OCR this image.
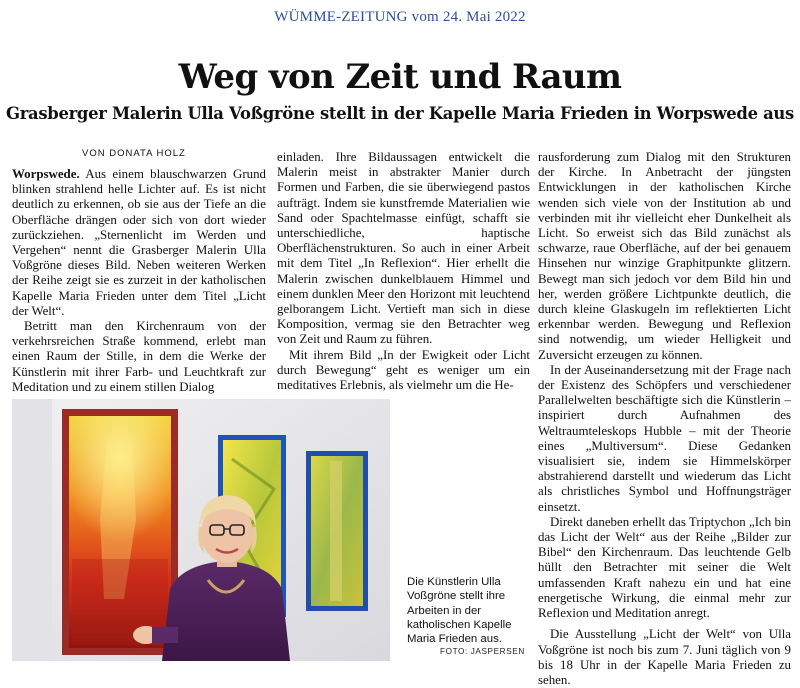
WÜMME-ZEITUNG vom 24. Mai 2022
Weg von Zeit und Raum
Grasberger Malerin Ulla Voßgröne stellt in der Kapelle Maria Frieden in Worpswede aus
VON DONATA HOLZ

Worpswede. Aus einem blauschwarzen Grund blinken strahlend helle Lichter auf. Es ist nicht deutlich zu erkennen, ob sie aus der Tiefe an die Oberfläche drängen oder sich von dort wieder zurückziehen. „Sternenlicht im Werden und Vergehen“ nennt die Grasberger Malerin Ulla Voßgröne dieses Bild. Neben weiteren Werken der Reihe zeigt sie es zurzeit in der katholischen Kapelle Maria Frieden unter dem Titel „Licht der Welt“.

Betritt man den Kirchenraum von der verkehrsreichen Straße kommend, erlebt man einen Raum der Stille, in dem die Werke der Künstlerin mit ihrer Farb- und Leuchtkraft zur Meditation und zu einem stillen Dialog

einladen. Ihre Bildaussagen entwickelt die Malerin meist in abstrakter Manier durch Formen und Farben, die sie überwiegend pastos aufträgt. Indem sie kunstfremde Materialien wie Sand oder Spachtelmasse einfügt, schafft sie unterschiedliche, haptische Oberflächenstrukturen. So auch in einer Arbeit mit dem Titel „In Reflexion“. Hier erhellt die Malerin zwischen dunkelblauem Himmel und einem dunklen Meer den Horizont mit leuchtend gelborangem Licht. Vertieft man sich in diese Komposition, vermag sie den Betrachter weg von Zeit und Raum zu führen.

Mit ihrem Bild „In der Ewigkeit oder Licht durch Bewegung“ geht es weniger um ein meditatives Erlebnis, als vielmehr um die He-

rausforderung zum Dialog mit den Strukturen der Kirche. In Anbetracht der jüngsten Entwicklungen in der katholischen Kirche wenden sich viele von der Institution ab und verbinden mit ihr vielleicht eher Dunkelheit als Licht. So erweist sich das Bild zunächst als schwarze, raue Oberfläche, auf der bei genauem Hinsehen nur winzige Graphitpunkte glitzern. Bewegt man sich jedoch vor dem Bild hin und her, werden größere Lichtpunkte deutlich, die durch kleine Glaskugeln im reflektierten Licht erkennbar werden. Bewegung und Reflexion sind notwendig, um wieder Helligkeit und Zuversicht erzeugen zu können.

In der Auseinandersetzung mit der Frage nach der Existenz des Schöpfers und verschiedener Parallelwelten beschäftigte sich die Künstlerin – inspiriert durch Aufnahmen des Weltraumteleskops Hubble – mit der Theorie eines „Multiversum“. Diese Gedanken visualisiert sie, indem sie Himmelskörper abstrahierend darstellt und wiederum das Licht als christliches Symbol und Hoffnungsträger einsetzt.

Direkt daneben erhellt das Triptychon „Ich bin das Licht der Welt“ aus der Reihe „Bilder zur Bibel“ den Kirchenraum. Das leuchtende Gelb hüllt den Betrachter mit seiner die Welt umfassenden Kraft nahezu ein und hat eine energetische Wirkung, die einmal mehr zur Reflexion und Meditation anregt.

Die Ausstellung „Licht der Welt“ von Ulla Voßgröne ist noch bis zum 7. Juni täglich von 9 bis 18 Uhr in der Kapelle Maria Frieden zu sehen.

Die Künstlerin Ulla Voßgröne stellt ihre Arbeiten in der katholischen Kapelle Maria Frieden aus.
FOTO: JASPERSEN
